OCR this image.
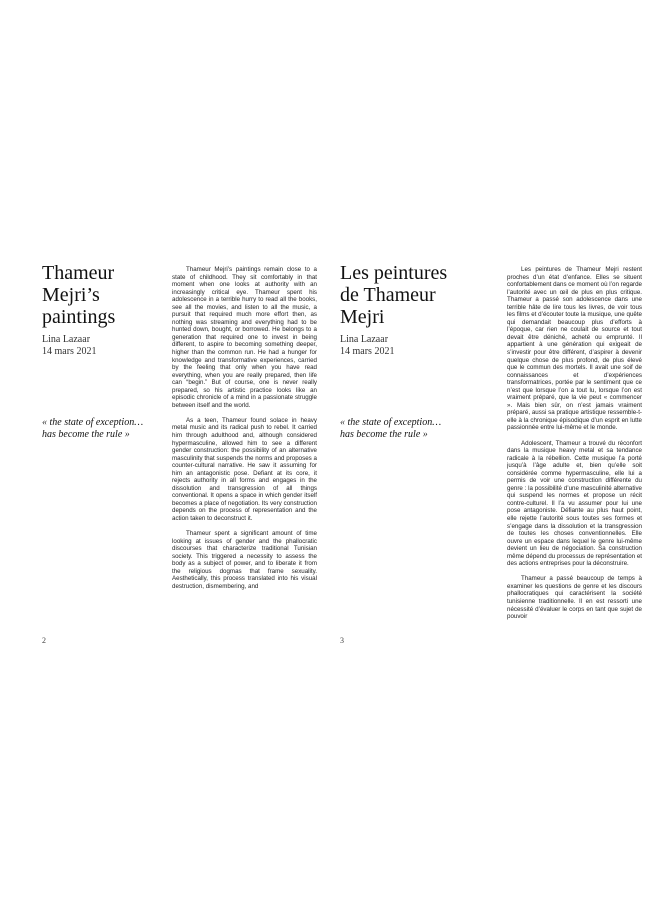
Thameur Mejri’s paintings
Lina Lazaar
14 mars 2021

« the state of exception… has become the rule »

Thameur Mejri’s paintings remain close to a state of childhood. They sit comfortably in that moment when one looks at authority with an increasingly critical eye. Thameur spent his adolescence in a terrible hurry to read all the books, see all the movies, and listen to all the music, a pursuit that required much more effort then, as nothing was streaming and everything had to be hunted down, bought, or borrowed. He belongs to a generation that required one to invest in being different, to aspire to becoming something deeper, higher than the common run. He had a hunger for knowledge and transformative experiences, carried by the feeling that only when you have read everything, when you are really prepared, then life can “begin.” But of course, one is never really prepared, so his artistic practice looks like an episodic chronicle of a mind in a passionate struggle between itself and the world.

As a teen, Thameur found solace in heavy metal music and its radical push to rebel. It carried him through adulthood and, although considered hypermasculine, allowed him to see a different gender construction: the possibility of an alternative masculinity that suspends the norms and proposes a counter-cultural narrative. He saw it assuming for him an antagonistic pose. Defiant at its core, it rejects authority in all forms and engages in the dissolution and transgression of all things conventional. It opens a space in which gender itself becomes a place of negotiation. Its very construction depends on the process of representation and the action taken to deconstruct it.

Thameur spent a significant amount of time looking at issues of gender and the phallocratic discourses that characterize traditional Tunisian society. This triggered a necessity to assess the body as a subject of power, and to liberate it from the religious dogmas that frame sexuality. Aesthetically, this process translated into his visual destruction, dismembering, and

2
Les peintures de Thameur Mejri
Lina Lazaar
14 mars 2021

« the state of exception… has become the rule »

Les peintures de Thameur Mejri restent proches d’un état d’enfance. Elles se situent confortablement dans ce moment où l’on regarde l’autorité avec un œil de plus en plus critique. Thameur a passé son adolescence dans une terrible hâte de lire tous les livres, de voir tous les films et d’écouter toute la musique, une quête qui demandait beaucoup plus d’efforts à l’époque, car rien ne coulait de source et tout devait être déniché, acheté ou emprunté. Il appartient à une génération qui exigeait de s’investir pour être différent, d’aspirer à devenir quelque chose de plus profond, de plus élevé que le commun des mortels. Il avait une soif de connaissances et d’expériences transformatrices, portée par le sentiment que ce n’est que lorsque l’on a tout lu, lorsque l’on est vraiment préparé, que la vie peut « commencer ». Mais bien sûr, on n’est jamais vraiment préparé, aussi sa pratique artistique ressemble-t-elle à la chronique épisodique d’un esprit en lutte passionnée entre lui-même et le monde.

Adolescent, Thameur a trouvé du réconfort dans la musique heavy metal et sa tendance radicale à la rébellion. Cette musique l’a porté jusqu’à l’âge adulte et, bien qu’elle soit considérée comme hypermasculine, elle lui a permis de voir une construction différente du genre : la possibilité d’une masculinité alternative qui suspend les normes et propose un récit contre-culturel. Il l’a vu assumer pour lui une pose antagoniste. Défiante au plus haut point, elle rejette l’autorité sous toutes ses formes et s’engage dans la dissolution et la transgression de toutes les choses conventionnelles. Elle ouvre un espace dans lequel le genre lui-même devient un lieu de négociation. Sa construction même dépend du processus de représentation et des actions entreprises pour la déconstruire.

Thameur a passé beaucoup de temps à examiner les questions de genre et les discours phallocratiques qui caractérisent la société tunisienne traditionnelle. Il en est ressorti une nécessité d’évaluer le corps en tant que sujet de pouvoir

3
